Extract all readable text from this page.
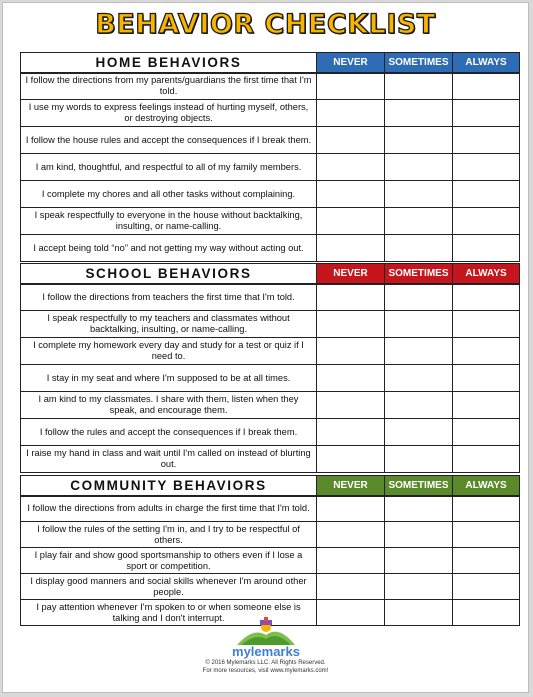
BEHAVIOR CHECKLIST
HOME BEHAVIORS	NEVER	SOMETIMES	ALWAYS
I follow the directions from my parents/guardians the first time that I'm told.			
I use my words to express feelings instead of hurting myself, others, or destroying objects.			
I follow the house rules and accept the consequences if I break them.			
I am kind, thoughtful, and respectful to all of my family members.			
I complete my chores and all other tasks without complaining.			
I speak respectfully to everyone in the house without backtalking, insulting, or name-calling.			
I accept being told “no” and not getting my way without acting out.			
SCHOOL BEHAVIORS	NEVER	SOMETIMES	ALWAYS
I follow the directions from teachers the first time that I'm told.			
I speak respectfully to my teachers and classmates without backtalking, insulting, or name-calling.			
I complete my homework every day and study for a test or quiz if I need to.			
I stay in my seat and where I'm supposed to be at all times.			
I am kind to my classmates. I share with them, listen when they speak, and encourage them.			
I follow the rules and accept the consequences if I break them.			
I raise my hand in class and wait until I'm called on instead of blurting out.			
COMMUNITY BEHAVIORS	NEVER	SOMETIMES	ALWAYS
I follow the directions from adults in charge the first time that I'm told.			
I follow the rules of the setting I'm in, and I try to be respectful of others.			
I play fair and show good sportsmanship to others even if I lose a sport or competition.			
I display good manners and social skills whenever I'm around other people.			
I pay attention whenever I'm spoken to or when someone else is talking and I don't interrupt.			
mylemarks
© 2016 Mylemarks LLC. All Rights Reserved.
For more resources, visit www.mylemarks.com!
